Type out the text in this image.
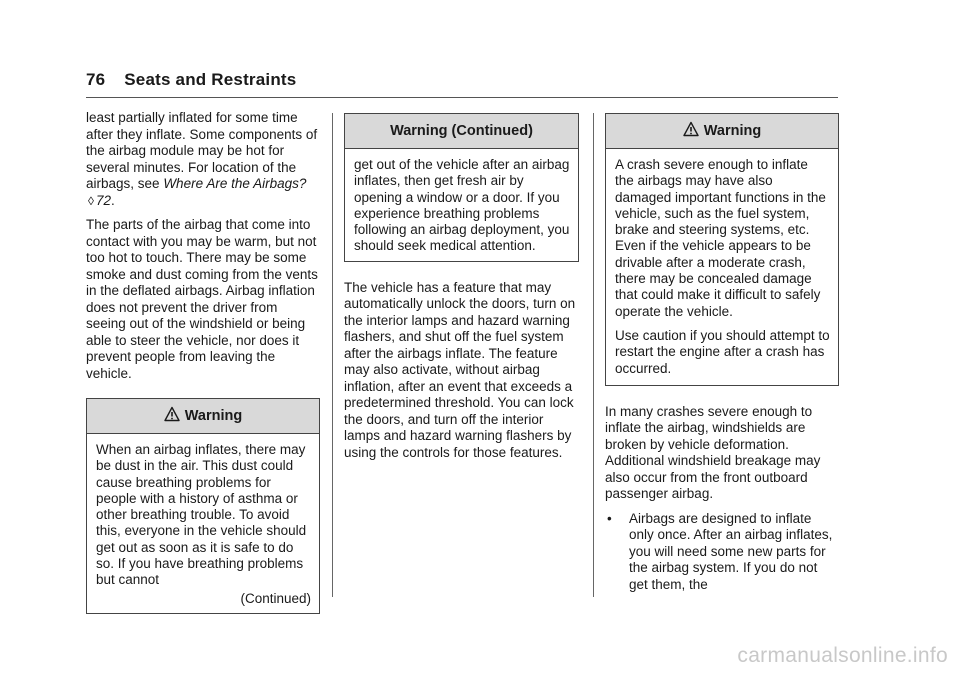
76 Seats and Restraints

least partially inflated for some time after they inflate. Some components of the airbag module may be hot for several minutes. For location of the airbags, see Where Are the Airbags?◊ 72.

The parts of the airbag that come into contact with you may be warm, but not too hot to touch. There may be some smoke and dust coming from the vents in the deflated airbags. Airbag inflation does not prevent the driver from seeing out of the windshield or being able to steer the vehicle, nor does it prevent people from leaving the vehicle.

Warning
When an airbag inflates, there may be dust in the air. This dust could cause breathing problems for people with a history of asthma or other breathing trouble. To avoid this, everyone in the vehicle should get out as soon as it is safe to do so. If you have breathing problems but cannot
(Continued)
Warning (Continued)
get out of the vehicle after an airbag inflates, then get fresh air by opening a window or a door. If you experience breathing problems following an airbag deployment, you should seek medical attention.

The vehicle has a feature that may automatically unlock the doors, turn on the interior lamps and hazard warning flashers, and shut off the fuel system after the airbags inflate. The feature may also activate, without airbag inflation, after an event that exceeds a predetermined threshold. You can lock the doors, and turn off the interior lamps and hazard warning flashers by using the controls for those features.

Warning

A crash severe enough to inflate the airbags may have also damaged important functions in the vehicle, such as the fuel system, brake and steering systems, etc. Even if the vehicle appears to be drivable after a moderate crash, there may be concealed damage that could make it difficult to safely operate the vehicle.

Use caution if you should attempt to restart the engine after a crash has occurred.

In many crashes severe enough to inflate the airbag, windshields are broken by vehicle deformation. Additional windshield breakage may also occur from the front outboard passenger airbag.

•	Airbags are designed to inflate only once. After an airbag inflates, you will need some new parts for the airbag system. If you do not get them, the
carmanualsonline.info
